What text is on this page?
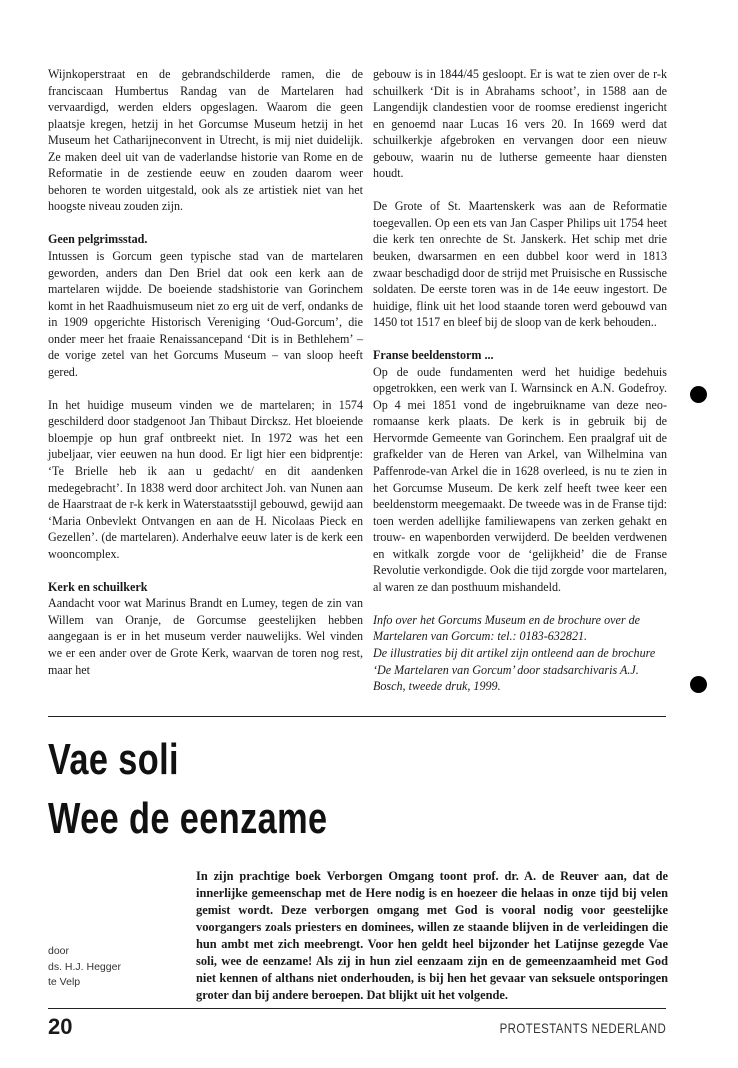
Wijnkoperstraat en de gebrandschilderde ramen, die de franciscaan Humbertus Randag van de Martelaren had vervaardigd, werden elders opgeslagen. Waarom die geen plaatsje kregen, hetzij in het Gorcumse Museum hetzij in het Museum het Catharijneconvent in Utrecht, is mij niet duidelijk. Ze maken deel uit van de vaderlandse historie van Rome en de Reformatie in de zestiende eeuw en zouden daarom weer behoren te worden uitgestald, ook als ze artistiek niet van het hoogste niveau zouden zijn.

Geen pelgrimsstad.

Intussen is Gorcum geen typische stad van de martelaren geworden, anders dan Den Briel dat ook een kerk aan de martelaren wijdde. De boeiende stadshistorie van Gorinchem komt in het Raadhuismuseum niet zo erg uit de verf, ondanks de in 1909 opgerichte Historisch Vereniging ‘Oud-Gorcum’, die onder meer het fraaie Renaissancepand ‘Dit is in Bethlehem’ – de vorige zetel van het Gorcums Museum – van sloop heeft gered.

In het huidige museum vinden we de martelaren; in 1574 geschilderd door stadgenoot Jan Thibaut Dircksz. Het bloeiende bloempje op hun graf ontbreekt niet. In 1972 was het een jubeljaar, vier eeuwen na hun dood. Er ligt hier een bidprentje: ‘Te Brielle heb ik aan u gedacht/ en dit aandenken medegebracht’. In 1838 werd door architect Joh. van Nunen aan de Haarstraat de r-k kerk in Waterstaatsstijl gebouwd, gewijd aan ‘Maria Onbevlekt Ontvangen en aan de H. Nicolaas Pieck en Gezellen’. (de martelaren). Anderhalve eeuw later is de kerk een wooncomplex.

Kerk en schuilkerk

Aandacht voor wat Marinus Brandt en Lumey, tegen de zin van Willem van Oranje, de Gorcumse geestelijken hebben aangegaan is er in het museum verder nauwelijks. Wel vinden we er een ander over de Grote Kerk, waarvan de toren nog rest, maar het

gebouw is in 1844/45 gesloopt. Er is wat te zien over de r-k schuilkerk ‘Dit is in Abrahams schoot’, in 1588 aan de Langendijk clandestien voor de roomse eredienst ingericht en genoemd naar Lucas 16 vers 20. In 1669 werd dat schuilkerkje afgebroken en vervangen door een nieuw gebouw, waarin nu de lutherse gemeente haar diensten houdt.

De Grote of St. Maartenskerk was aan de Reformatie toegevallen. Op een ets van Jan Casper Philips uit 1754 heet die kerk ten onrechte de St. Janskerk. Het schip met drie beuken, dwarsarmen en een dubbel koor werd in 1813 zwaar beschadigd door de strijd met Pruisische en Russische soldaten. De eerste toren was in de 14e eeuw ingestort. De huidige, flink uit het lood staande toren werd gebouwd van 1450 tot 1517 en bleef bij de sloop van de kerk behouden..

Franse beeldenstorm ...

Op de oude fundamenten werd het huidige bedehuis opgetrokken, een werk van I. Warnsinck en A.N. Godefroy. Op 4 mei 1851 vond de ingebruikname van deze neo-romaanse kerk plaats. De kerk is in gebruik bij de Hervormde Gemeente van Gorinchem. Een praalgraf uit de grafkelder van de Heren van Arkel, van Wilhelmina van Paffenrode-van Arkel die in 1628 overleed, is nu te zien in het Gorcumse Museum. De kerk zelf heeft twee keer een beeldenstorm meegemaakt. De tweede was in de Franse tijd: toen werden adellijke familiewapens van zerken gehakt en trouw- en wapenborden verwijderd. De beelden verdwenen en witkalk zorgde voor de ‘gelijkheid’ die de Franse Revolutie verkondigde. Ook die tijd zorgde voor martelaren, al waren ze dan posthuum mishandeld.

Info over het Gorcums Museum en de brochure over de Martelaren van Gorcum: tel.: 0183-632821.

De illustraties bij dit artikel zijn ontleend aan de brochure ‘De Martelaren van Gorcum’ door stadsarchivaris A.J. Bosch, tweede druk, 1999.

Vae soli
Wee de eenzame

In zijn prachtige boek Verborgen Omgang toont prof. dr. A. de Reuver aan, dat de innerlijke gemeenschap met de Here nodig is en hoezeer die helaas in onze tijd bij velen gemist wordt. Deze verborgen omgang met God is vooral nodig voor geestelijke voorgangers zoals priesters en dominees, willen ze staande blijven in de verleidingen die hun ambt met zich meebrengt. Voor hen geldt heel bijzonder het Latijnse gezegde Vae soli, wee de eenzame! Als zij in hun ziel eenzaam zijn en de gemeenzaamheid met God niet kennen of althans niet onderhouden, is bij hen het gevaar van seksuele ontsporingen groter dan bij andere beroepen. Dat blijkt uit het volgende.

door
ds. H.J. Hegger
te Velp
20	PROTESTANTS NEDERLAND
